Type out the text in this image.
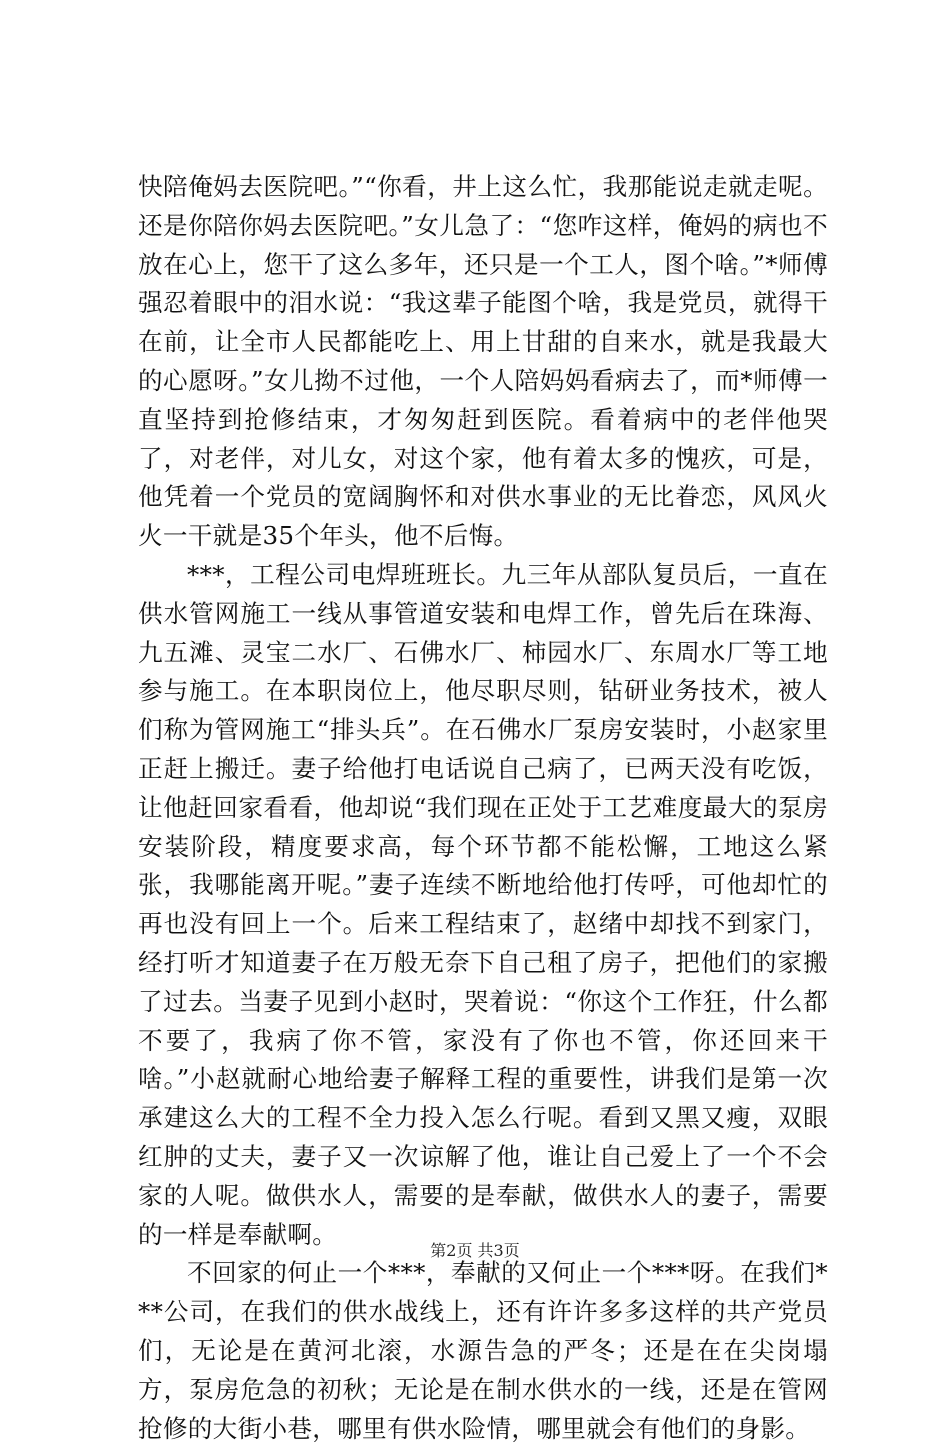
快陪俺妈去医院吧。”“你看，井上这么忙，我那能说走就走呢。还是你陪你妈去医院吧。”女儿急了：“您咋这样，俺妈的病也不放在心上，您干了这么多年，还只是一个工人，图个啥。”*师傅强忍着眼中的泪水说：“我这辈子能图个啥，我是党员，就得干在前，让全市人民都能吃上、用上甘甜的自来水，就是我最大的心愿呀。”女儿拗不过他，一个人陪妈妈看病去了，而*师傅一直坚持到抢修结束，才匆匆赶到医院。看着病中的老伴他哭了，对老伴，对儿女，对这个家，他有着太多的愧疚，可是，他凭着一个党员的宽阔胸怀和对供水事业的无比眷恋，风风火火一干就是35个年头，他不后悔。

***，工程公司电焊班班长。九三年从部队复员后，一直在供水管网施工一线从事管道安装和电焊工作，曾先后在珠海、九五滩、灵宝二水厂、石佛水厂、柿园水厂、东周水厂等工地参与施工。在本职岗位上，他尽职尽则，钻研业务技术，被人们称为管网施工“排头兵”。在石佛水厂泵房安装时，小赵家里正赶上搬迁。妻子给他打电话说自己病了，已两天没有吃饭，让他赶回家看看，他却说“我们现在正处于工艺难度最大的泵房安装阶段，精度要求高，每个环节都不能松懈，工地这么紧张，我哪能离开呢。”妻子连续不断地给他打传呼，可他却忙的再也没有回上一个。后来工程结束了，赵绪中却找不到家门，经打听才知道妻子在万般无奈下自己租了房子，把他们的家搬了过去。当妻子见到小赵时，哭着说：“你这个工作狂，什么都不要了，我病了你不管，家没有了你也不管，你还回来干啥。”小赵就耐心地给妻子解释工程的重要性，讲我们是第一次承建这么大的工程不全力投入怎么行呢。看到又黑又瘦，双眼红肿的丈夫，妻子又一次谅解了他，谁让自己爱上了一个不会家的人呢。做供水人，需要的是奉献，做供水人的妻子，需要的一样是奉献啊。

不回家的何止一个***，奉献的又何止一个***呀。在我们***公司，在我们的供水战线上，还有许许多多这样的共产党员们，无论是在黄河北滚，水源告急的严冬；还是在在尖岗塌方，泵房危急的初秋；无论是在制水供水的一线，还是在管网抢修的大街小巷，哪里有供水险情，哪里就会有他们的身影。

第2页 共3页
